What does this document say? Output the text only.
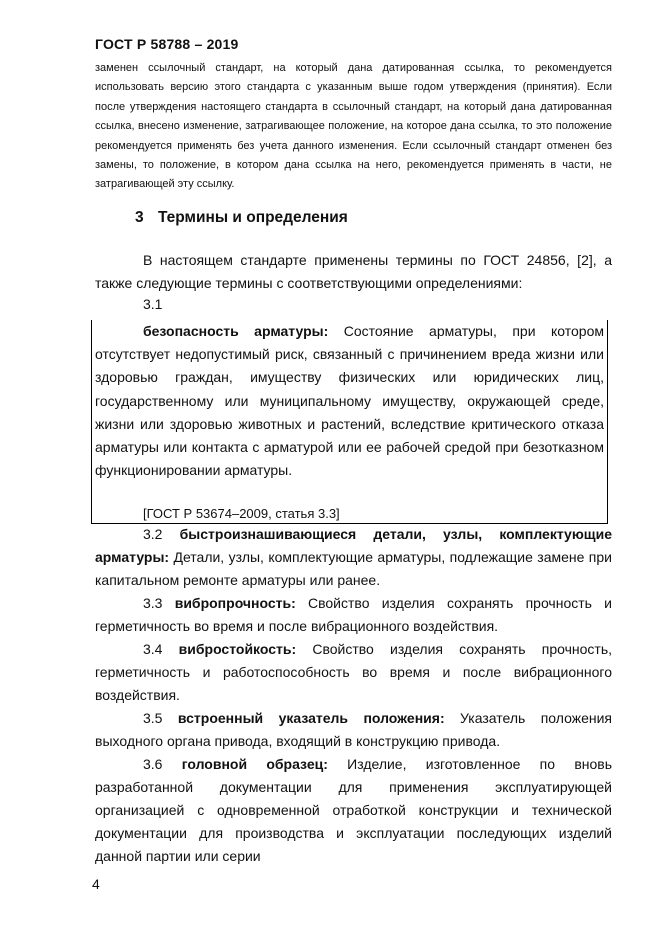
ГОСТ Р 58788 – 2019
заменен ссылочный стандарт, на который дана датированная ссылка, то рекомендуется использовать версию этого стандарта с указанным выше годом утверждения (принятия). Если после утверждения настоящего стандарта в ссылочный стандарт, на который дана датированная ссылка, внесено изменение, затрагивающее положение, на которое дана ссылка, то это положение рекомендуется применять без учета данного изменения. Если ссылочный стандарт отменен без замены, то положение, в котором дана ссылка на него, рекомендуется применять в части, не затрагивающей эту ссылку.
3 Термины и определения
В настоящем стандарте применены термины по ГОСТ 24856, [2], а также следующие термины с соответствующими определениями:
3.1
безопасность арматуры: Состояние арматуры, при котором отсутствует недопустимый риск, связанный с причинением вреда жизни или здоровью граждан, имуществу физических или юридических лиц, государственному или муниципальному имуществу, окружающей среде, жизни или здоровью животных и растений, вследствие критического отказа арматуры или контакта с арматурой или ее рабочей средой при безотказном функционировании арматуры.
[ГОСТ Р 53674–2009, статья 3.3]
3.2 быстроизнашивающиеся детали, узлы, комплектующие арматуры: Детали, узлы, комплектующие арматуры, подлежащие замене при капитальном ремонте арматуры или ранее.
3.3 вибропрочность: Свойство изделия сохранять прочность и герметичность во время и после вибрационного воздействия.
3.4 вибростойкость: Свойство изделия сохранять прочность, герметичность и работоспособность во время и после вибрационного воздействия.
3.5 встроенный указатель положения: Указатель положения выходного органа привода, входящий в конструкцию привода.
3.6 головной образец: Изделие, изготовленное по вновь разработанной документации для применения эксплуатирующей организацией с одновременной отработкой конструкции и технической документации для производства и эксплуатации последующих изделий данной партии или серии
4
